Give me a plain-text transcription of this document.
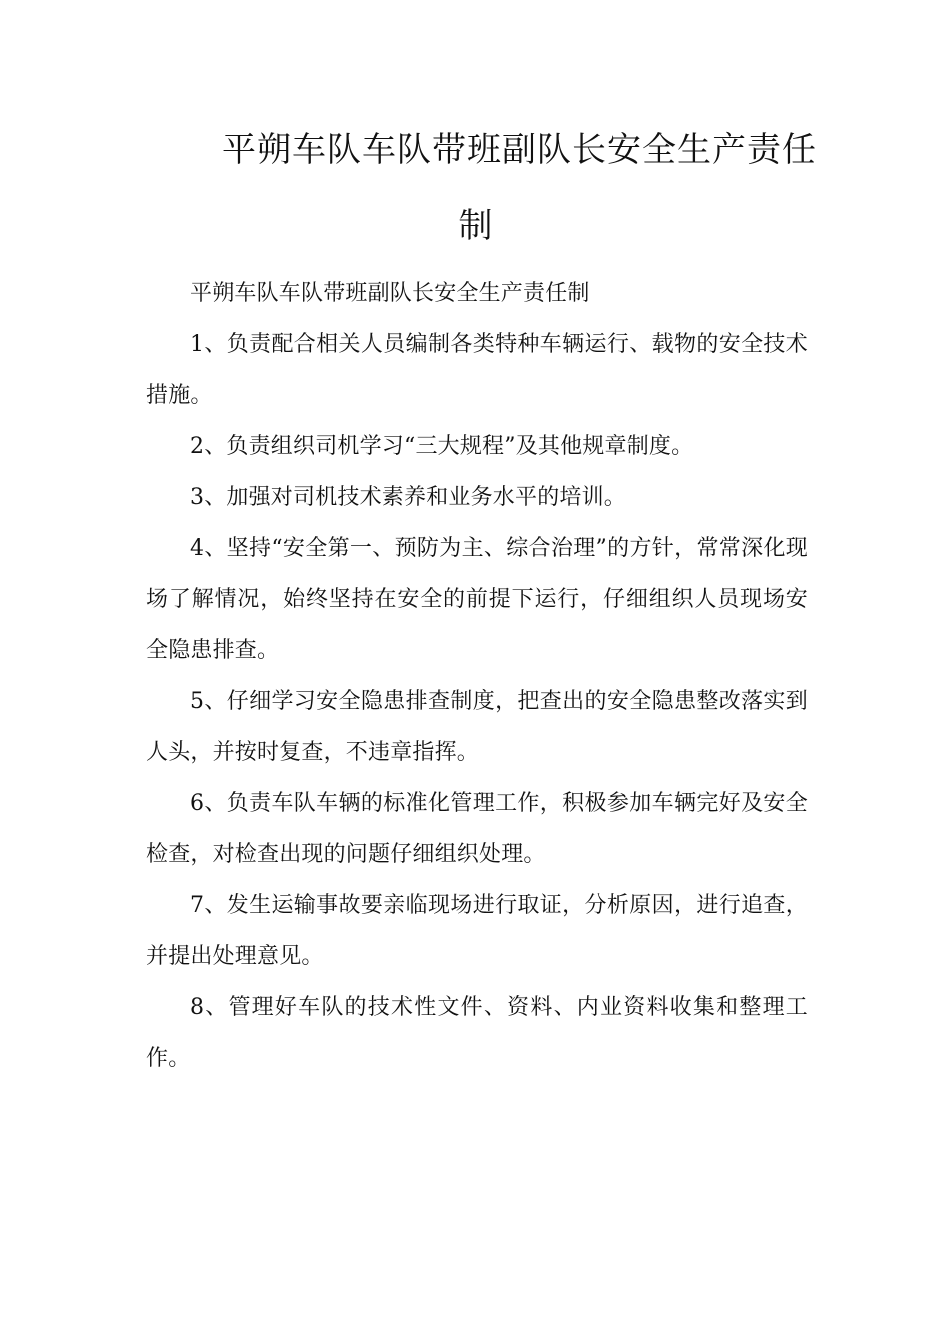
平朔车队车队带班副队长安全生产责任
制

平朔车队车队带班副队长安全生产责任制

1、负责配合相关人员编制各类特种车辆运行、载物的安全技术措施。

2、负责组织司机学习“三大规程”及其他规章制度。

3、加强对司机技术素养和业务水平的培训。

4、坚持“安全第一、预防为主、综合治理”的方针，常常深化现场了解情况，始终坚持在安全的前提下运行，仔细组织人员现场安全隐患排查。

5、仔细学习安全隐患排查制度，把查出的安全隐患整改落实到人头，并按时复查，不违章指挥。

6、负责车队车辆的标准化管理工作，积极参加车辆完好及安全检查，对检查出现的问题仔细组织处理。

7、发生运输事故要亲临现场进行取证，分析原因，进行追查，并提出处理意见。

8、管理好车队的技术性文件、资料、内业资料收集和整理工作。
